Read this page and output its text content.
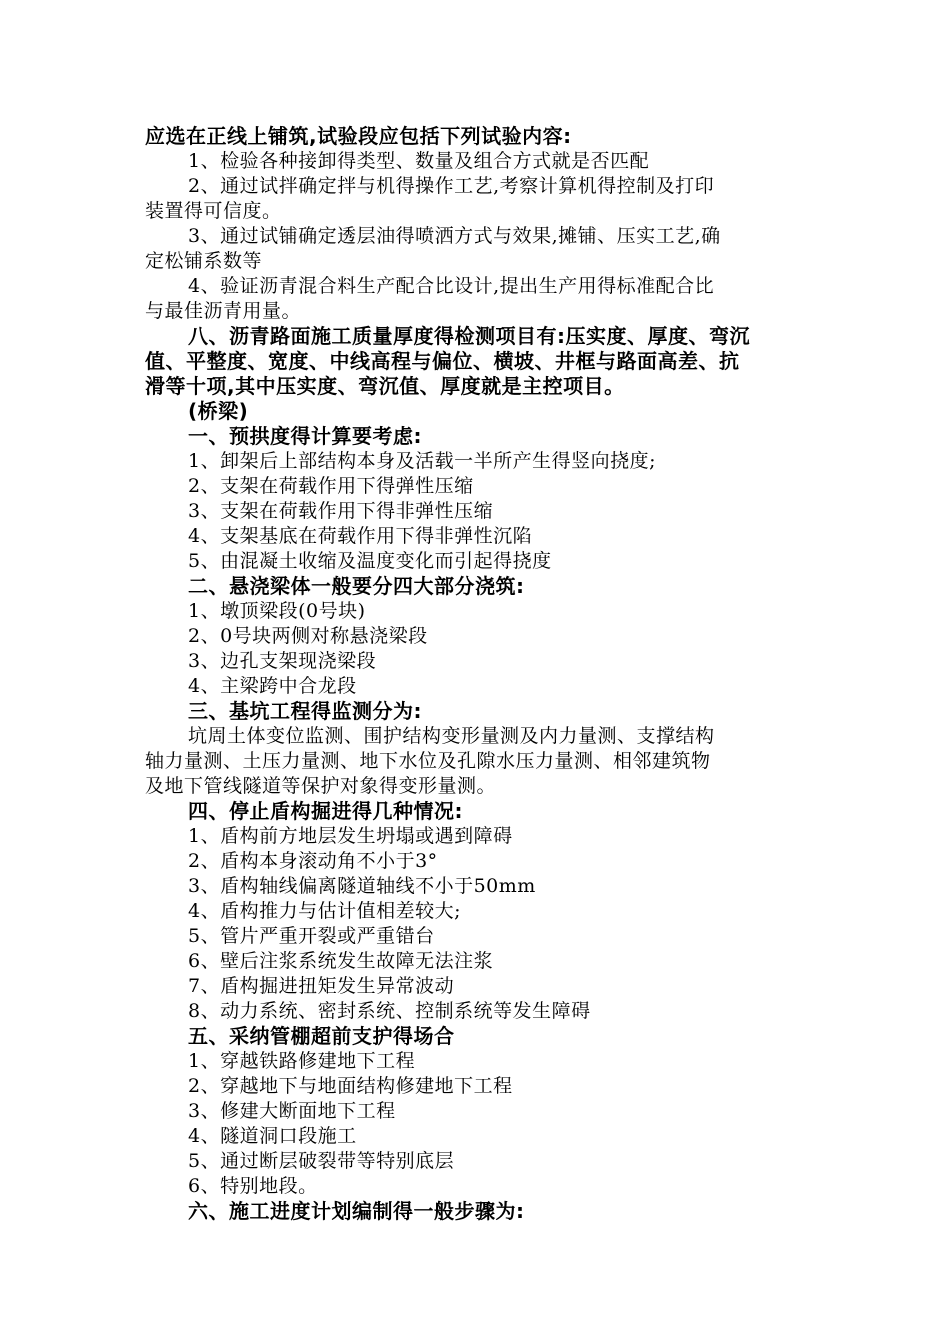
应选在正线上铺筑,试验段应包括下列试验内容:
1、检验各种接卸得类型、数量及组合方式就是否匹配
2、通过试拌确定拌与机得操作工艺,考察计算机得控制及打印
装置得可信度。
3、通过试铺确定透层油得喷洒方式与效果,摊铺、压实工艺,确
定松铺系数等
4、验证沥青混合料生产配合比设计,提出生产用得标准配合比
与最佳沥青用量。
八、沥青路面施工质量厚度得检测项目有:压实度、厚度、弯沉
值、平整度、宽度、中线高程与偏位、横坡、井框与路面高差、抗
滑等十项,其中压实度、弯沉值、厚度就是主控项目。
(桥梁)
一、预拱度得计算要考虑:
1、卸架后上部结构本身及活载一半所产生得竖向挠度;
2、支架在荷载作用下得弹性压缩
3、支架在荷载作用下得非弹性压缩
4、支架基底在荷载作用下得非弹性沉陷
5、由混凝土收缩及温度变化而引起得挠度
二、悬浇梁体一般要分四大部分浇筑:
1、墩顶梁段(0号块)
2、0号块两侧对称悬浇梁段
3、边孔支架现浇梁段
4、主梁跨中合龙段
三、基坑工程得监测分为:
坑周土体变位监测、围护结构变形量测及内力量测、支撑结构
轴力量测、土压力量测、地下水位及孔隙水压力量测、相邻建筑物
及地下管线隧道等保护对象得变形量测。
四、停止盾构掘进得几种情况:
1、盾构前方地层发生坍塌或遇到障碍
2、盾构本身滚动角不小于3°
3、盾构轴线偏离隧道轴线不小于50mm
4、盾构推力与估计值相差较大;
5、管片严重开裂或严重错台
6、壁后注浆系统发生故障无法注浆
7、盾构掘进扭矩发生异常波动
8、动力系统、密封系统、控制系统等发生障碍
五、采纳管棚超前支护得场合
1、穿越铁路修建地下工程
2、穿越地下与地面结构修建地下工程
3、修建大断面地下工程
4、隧道洞口段施工
5、通过断层破裂带等特别底层
6、特别地段。
六、施工进度计划编制得一般步骤为:
